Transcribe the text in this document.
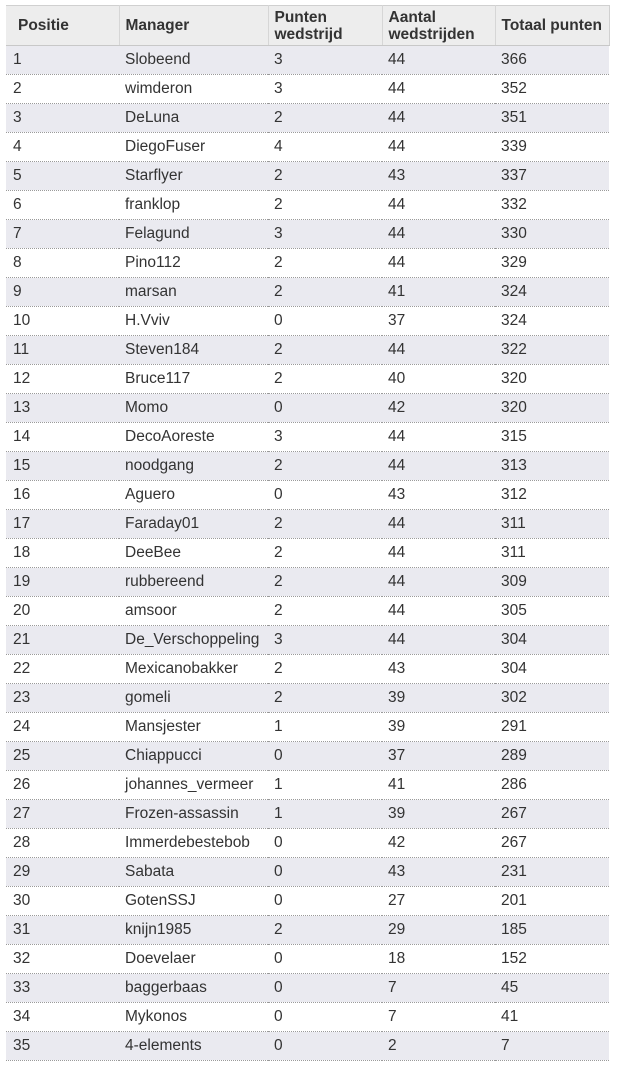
Positie	Manager	Punten wedstrijd	Aantal wedstrijden	Totaal punten
1	Slobeend	3	44	366
2	wimderon	3	44	352
3	DeLuna	2	44	351
4	DiegoFuser	4	44	339
5	Starflyer	2	43	337
6	franklop	2	44	332
7	Felagund	3	44	330
8	Pino112	2	44	329
9	marsan	2	41	324
10	H.Vviv	0	37	324
11	Steven184	2	44	322
12	Bruce117	2	40	320
13	Momo	0	42	320
14	DecoAoreste	3	44	315
15	noodgang	2	44	313
16	Aguero	0	43	312
17	Faraday01	2	44	311
18	DeeBee	2	44	311
19	rubbereend	2	44	309
20	amsoor	2	44	305
21	De_Verschoppeling	3	44	304
22	Mexicanobakker	2	43	304
23	gomeli	2	39	302
24	Mansjester	1	39	291
25	Chiappucci	0	37	289
26	johannes_vermeer	1	41	286
27	Frozen-assassin	1	39	267
28	Immerdebestebob	0	42	267
29	Sabata	0	43	231
30	GotenSSJ	0	27	201
31	knijn1985	2	29	185
32	Doevelaer	0	18	152
33	baggerbaas	0	7	45
34	Mykonos	0	7	41
35	4-elements	0	2	7
